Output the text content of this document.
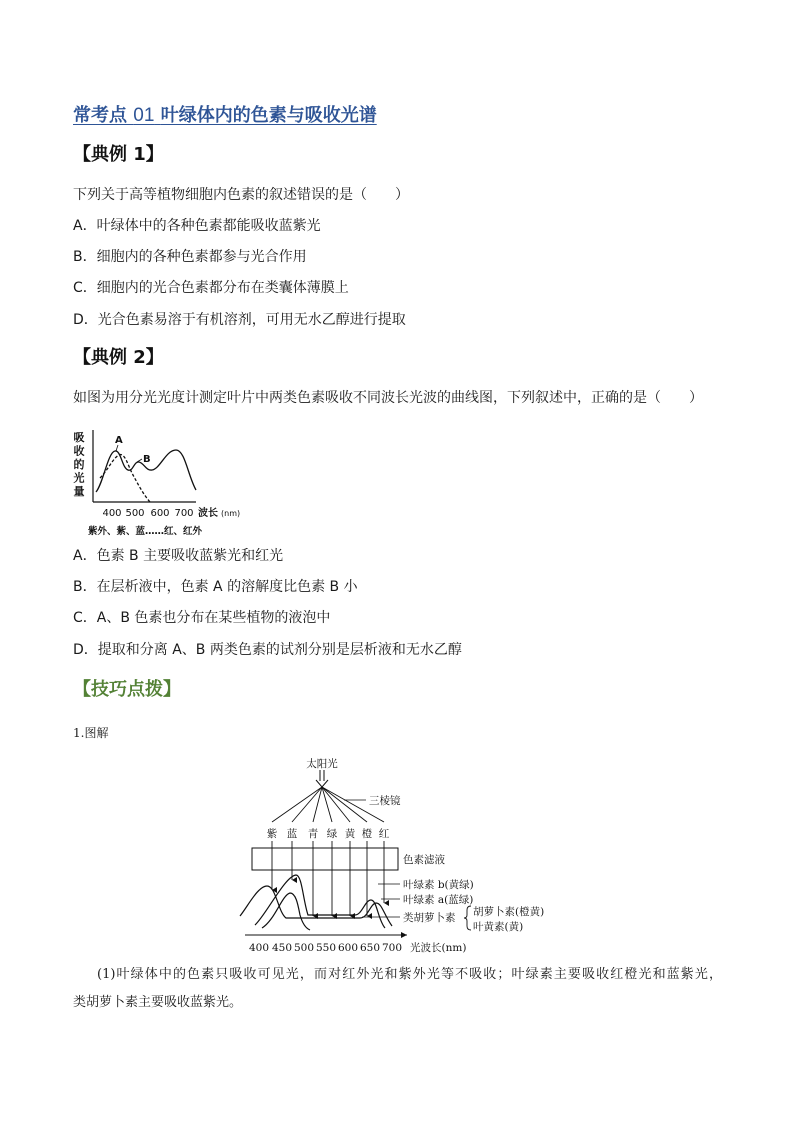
常考点 01 叶绿体内的色素与吸收光谱
【典例 1】
下列关于高等植物细胞内色素的叙述错误的是（　　）
A．叶绿体中的各种色素都能吸收蓝紫光
B．细胞内的各种色素都参与光合作用
C．细胞内的光合色素都分布在类囊体薄膜上
D．光合色素易溶于有机溶剂，可用无水乙醇进行提取
【典例 2】
如图为用分光光度计测定叶片中两类色素吸收不同波长光波的曲线图，下列叙述中，正确的是（　　）
吸
收
的
光
量
A
B
400 500 600 700 波长 (nm)
紫外、紫、蓝……红、红外
A．色素 B 主要吸收蓝紫光和红光
B．在层析液中，色素 A 的溶解度比色素 B 小
C．A、B 色素也分布在某些植物的液泡中
D．提取和分离 A、B 两类色素的试剂分别是层析液和无水乙醇
【技巧点拨】
1.图解
太阳光
三棱镜
紫 蓝 青 绿 黄 橙 红
色素滤液
叶绿素 b(黄绿)
叶绿素 a(蓝绿)
类胡萝卜素 胡萝卜素(橙黄)
叶黄素(黄)
400 450 500 550 600 650 700 光波长(nm)
(1)叶绿体中的色素只吸收可见光，而对红外光和紫外光等不吸收；叶绿素主要吸收红橙光和蓝紫光，
类胡萝卜素主要吸收蓝紫光。
